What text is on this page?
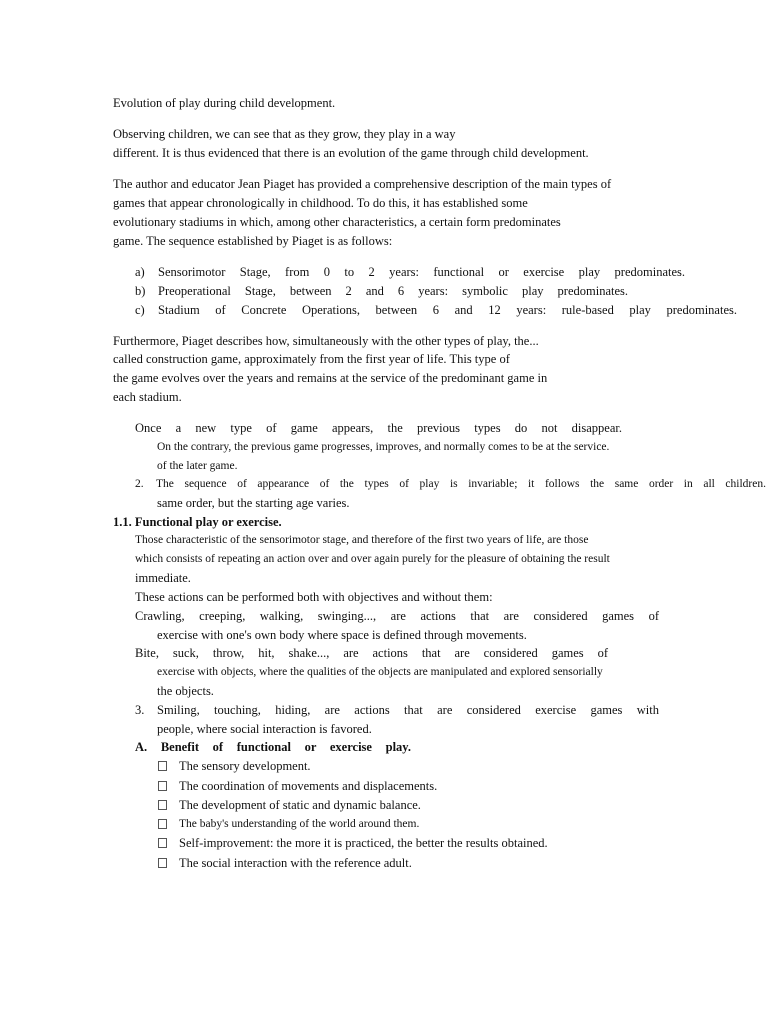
Evolution of play during child development.
Observing children, we can see that as they grow, they play in a way
different. It is thus evidenced that there is an evolution of the game through child development.
The author and educator Jean Piaget has provided a comprehensive description of the main types of
games that appear chronologically in childhood. To do this, it has established some
evolutionary stadiums in which, among other characteristics, a certain form predominates
game. The sequence established by Piaget is as follows:
a) Sensorimotor Stage, from 0 to 2 years: functional or exercise play predominates.
b) Preoperational Stage, between 2 and 6 years: symbolic play predominates.
c) Stadium of Concrete Operations, between 6 and 12 years: rule-based play predominates.
Furthermore, Piaget describes how, simultaneously with the other types of play, the...
called construction game, approximately from the first year of life. This type of
the game evolves over the years and remains at the service of the predominant game in
each stadium.
Once a new type of game appears, the previous types do not disappear.
On the contrary, the previous game progresses, improves, and normally comes to be at the service.
of the later game.
2. The sequence of appearance of the types of play is invariable; it follows the same order in all children.
same order, but the starting age varies.
1.1. Functional play or exercise.
Those characteristic of the sensorimotor stage, and therefore of the first two years of life, are those
which consists of repeating an action over and over again purely for the pleasure of obtaining the result
immediate.
These actions can be performed both with objectives and without them:
Crawling, creeping, walking, swinging..., are actions that are considered games of
exercise with one's own body where space is defined through movements.
Bite, suck, throw, hit, shake..., are actions that are considered games of
exercise with objects, where the qualities of the objects are manipulated and explored sensorially
the objects.
3. Smiling, touching, hiding, are actions that are considered exercise games with
people, where social interaction is favored.
A. Benefit of functional or exercise play.
The sensory development.
The coordination of movements and displacements.
The development of static and dynamic balance.
The baby's understanding of the world around them.
Self-improvement: the more it is practiced, the better the results obtained.
The social interaction with the reference adult.
